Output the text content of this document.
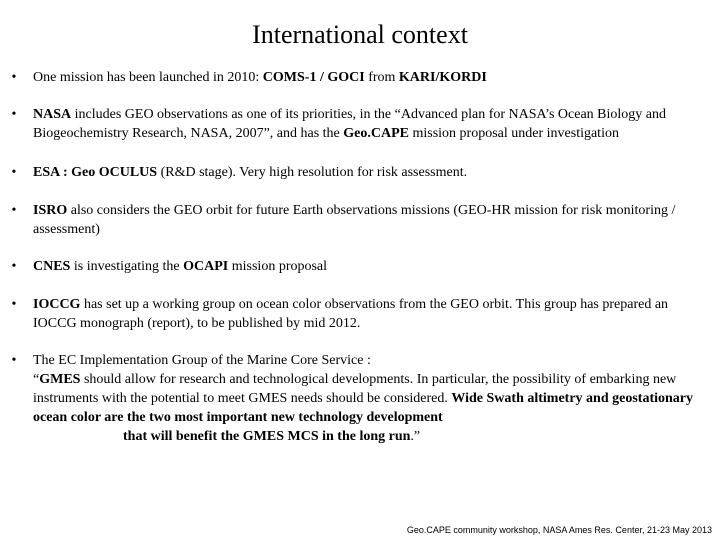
International context
• One mission has been launched in 2010: COMS-1 / GOCI from KARI/KORDI
• NASA includes GEO observations as one of its priorities, in the “Advanced plan for NASA’s Ocean Biology and Biogeochemistry Research, NASA, 2007”, and has the Geo.CAPE mission proposal under investigation
• ESA : Geo OCULUS (R&D stage). Very high resolution for risk assessment.
• ISRO also considers the GEO orbit for future Earth observations missions (GEO-HR mission for risk monitoring / assessment)
• CNES is investigating the OCAPI mission proposal
• IOCCG has set up a working group on ocean color observations from the GEO orbit. This group has prepared an IOCCG monograph (report), to be published by mid 2012.
• The EC Implementation Group of the Marine Core Service :
“GMES should allow for research and technological developments. In particular, the possibility of embarking new instruments with the potential to meet GMES needs should be considered. Wide Swath altimetry and geostationary ocean color are the two most important new technology development
that will benefit the GMES MCS in the long run.”
Geo.CAPE community workshop, NASA Ames Res. Center, 21-23 May 2013
